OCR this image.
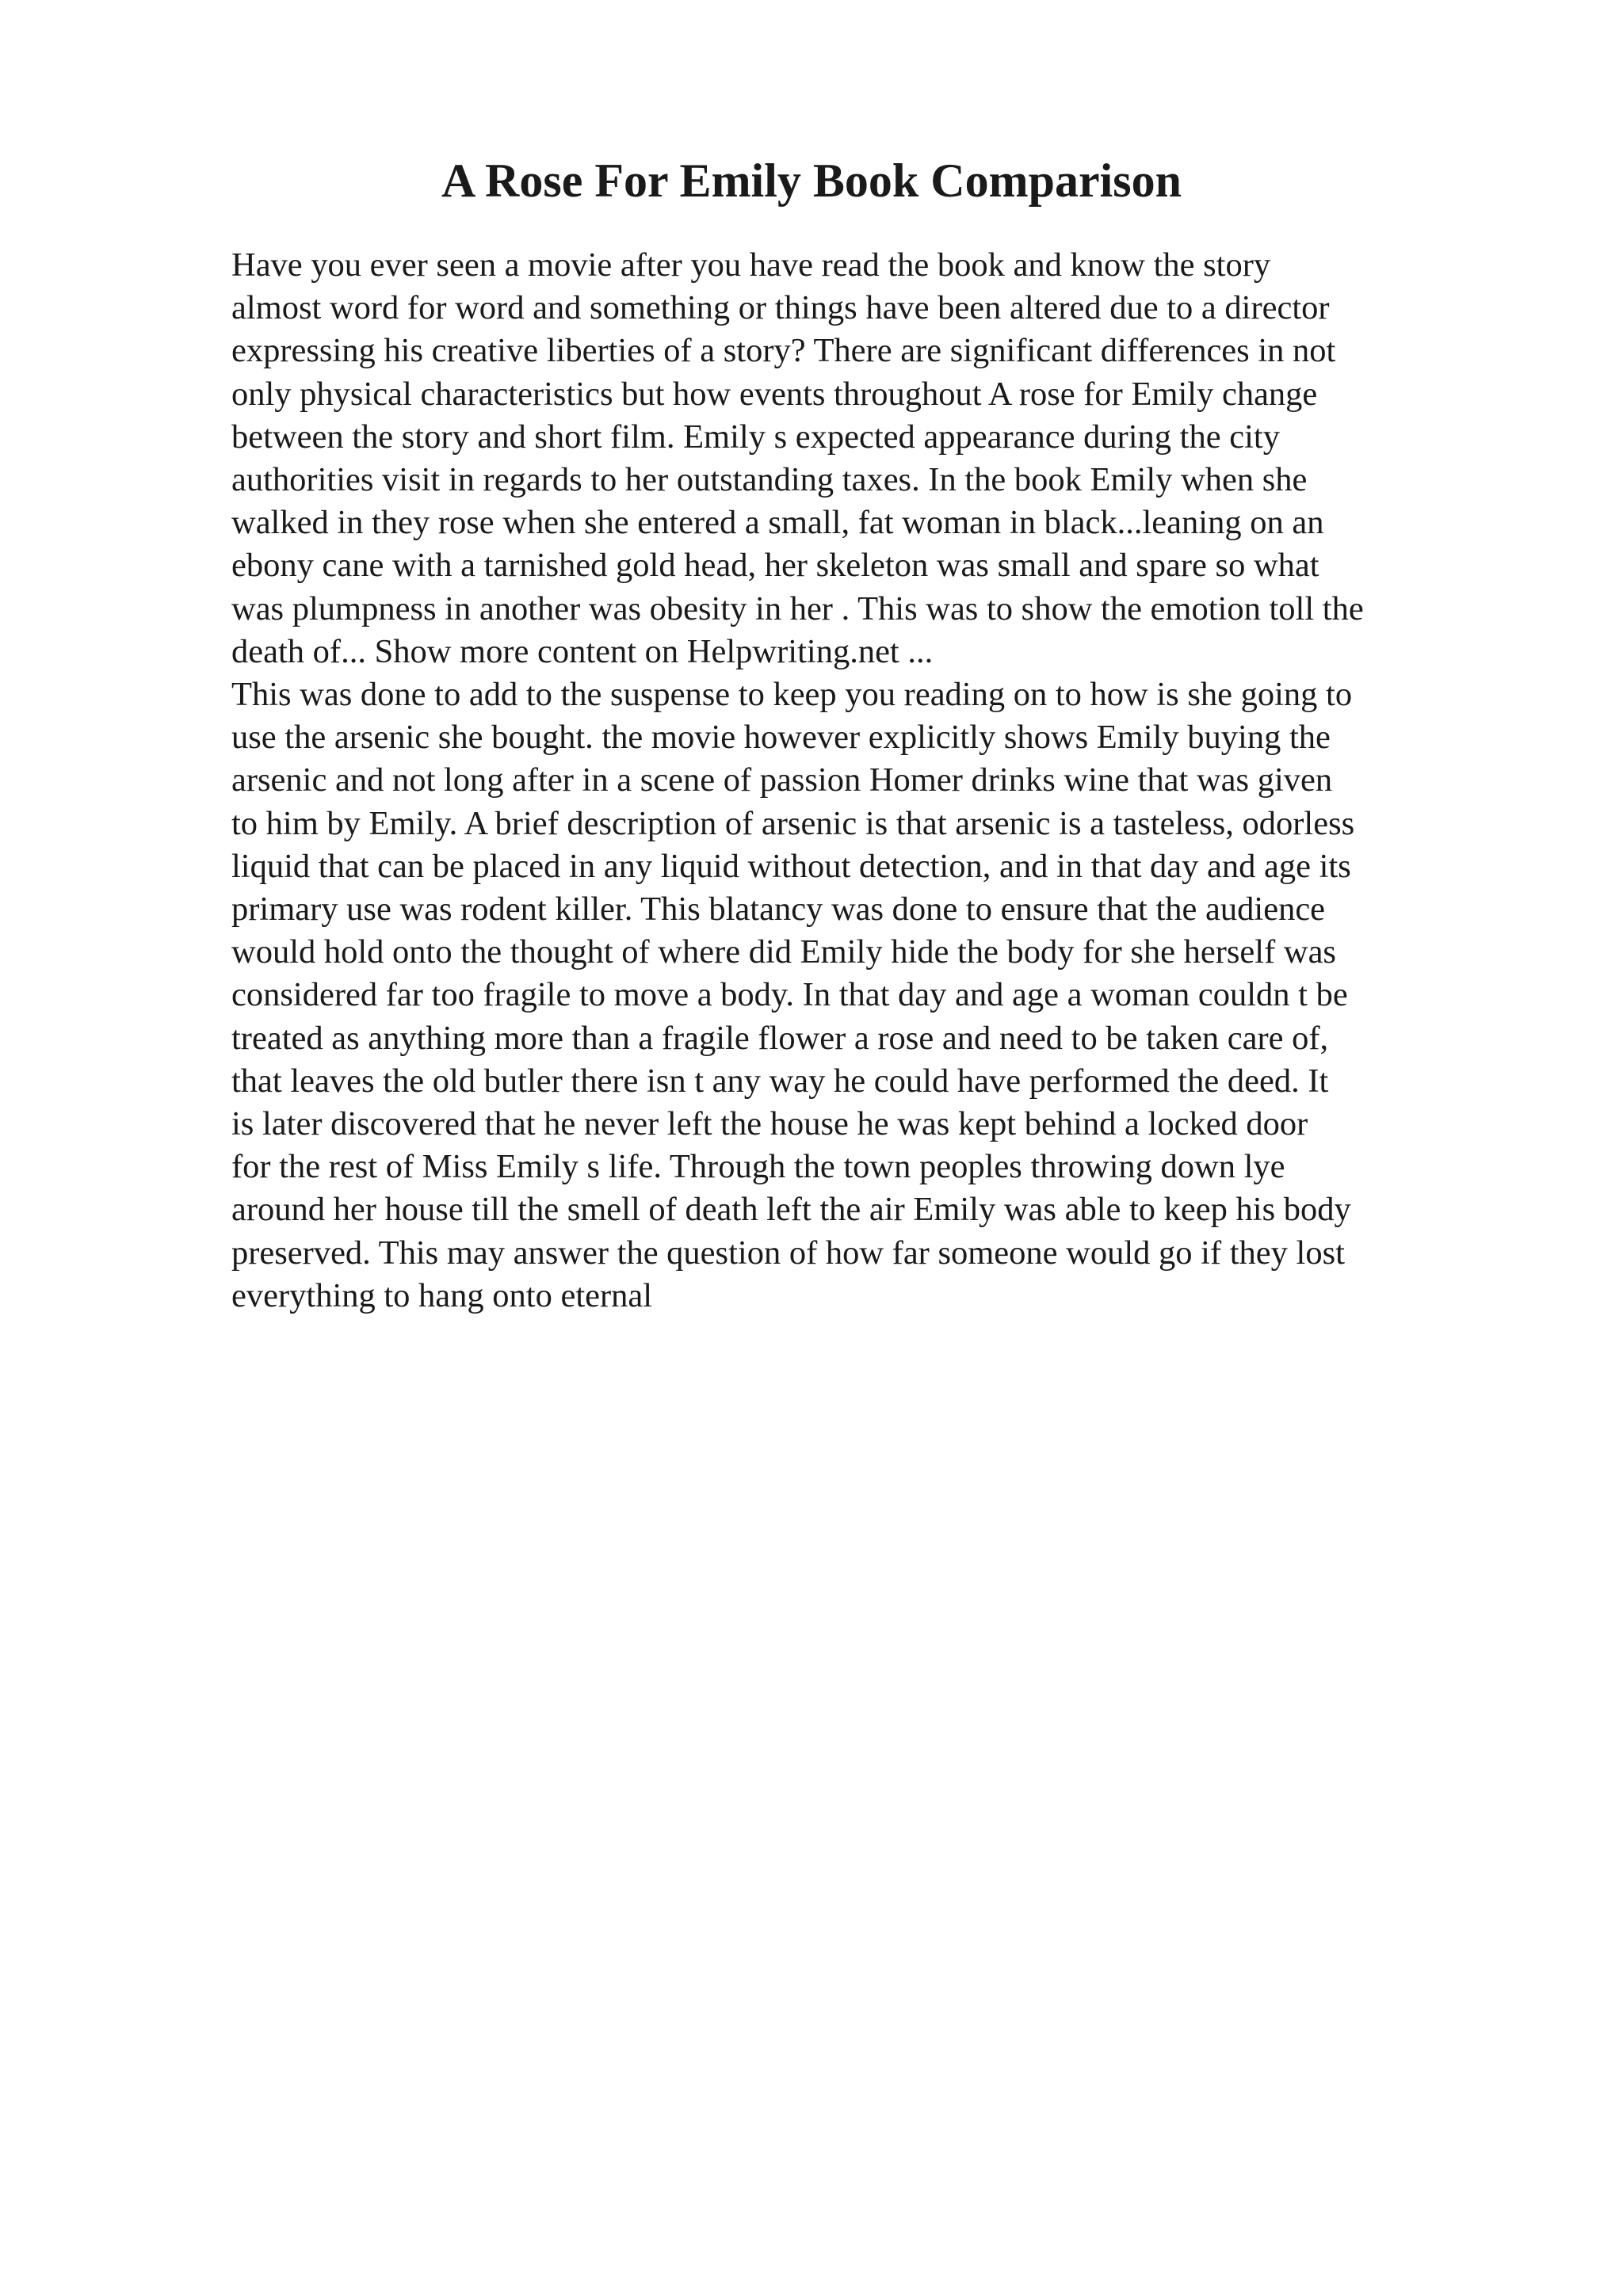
A Rose For Emily Book Comparison
Have you ever seen a movie after you have read the book and know the story
almost word for word and something or things have been altered due to a director
expressing his creative liberties of a story? There are significant differences in not
only physical characteristics but how events throughout A rose for Emily change
between the story and short film. Emily s expected appearance during the city
authorities visit in regards to her outstanding taxes. In the book Emily when she
walked in they rose when she entered a small, fat woman in black...leaning on an
ebony cane with a tarnished gold head, her skeleton was small and spare so what
was plumpness in another was obesity in her . This was to show the emotion toll the
death of... Show more content on Helpwriting.net ...
This was done to add to the suspense to keep you reading on to how is she going to
use the arsenic she bought. the movie however explicitly shows Emily buying the
arsenic and not long after in a scene of passion Homer drinks wine that was given
to him by Emily. A brief description of arsenic is that arsenic is a tasteless, odorless
liquid that can be placed in any liquid without detection, and in that day and age its
primary use was rodent killer. This blatancy was done to ensure that the audience
would hold onto the thought of where did Emily hide the body for she herself was
considered far too fragile to move a body. In that day and age a woman couldn t be
treated as anything more than a fragile flower a rose and need to be taken care of,
that leaves the old butler there isn t any way he could have performed the deed. It
is later discovered that he never left the house he was kept behind a locked door
for the rest of Miss Emily s life. Through the town peoples throwing down lye
around her house till the smell of death left the air Emily was able to keep his body
preserved. This may answer the question of how far someone would go if they lost
everything to hang onto eternal
